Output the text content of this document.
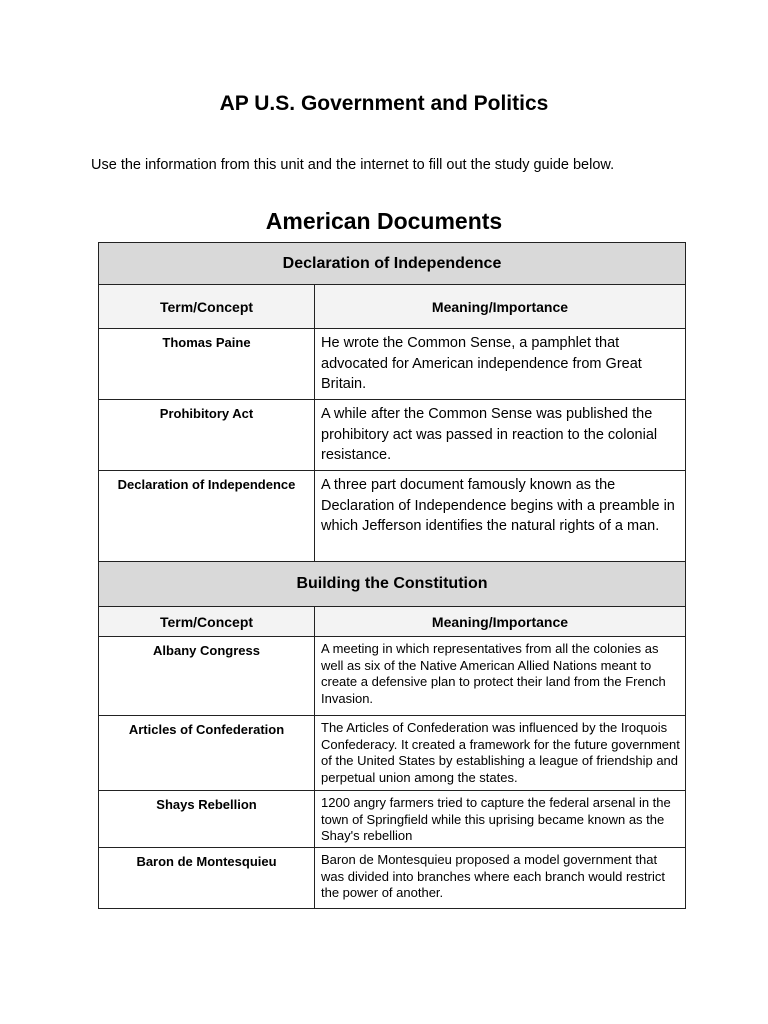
AP U.S. Government and Politics

Use the information from this unit and the internet to fill out the study guide below.

American Documents
Declaration of Independence	
Term/Concept	Meaning/Importance
Thomas Paine	He wrote the Common Sense, a pamphlet that advocated for American independence from Great Britain.
Prohibitory Act	A while after the Common Sense was published the prohibitory act was passed in reaction to the colonial resistance.
Declaration of Independence	A three part document famously known as the Declaration of Independence begins with a preamble in which Jefferson identifies the natural rights of a man.
Building the Constitution	
Term/Concept	Meaning/Importance
Albany Congress	A meeting in which representatives from all the colonies as well as six of the Native American Allied Nations meant to create a defensive plan to protect their land from the French Invasion.
Articles of Confederation	The Articles of Confederation was influenced by the Iroquois Confederacy. It created a framework for the future government of the United States by establishing a league of friendship and perpetual union among the states.
Shays Rebellion	1200 angry farmers tried to capture the federal arsenal in the town of Springfield while this uprising became known as the Shay's rebellion
Baron de Montesquieu	Baron de Montesquieu proposed a model government that was divided into branches where each branch would restrict the power of another.
